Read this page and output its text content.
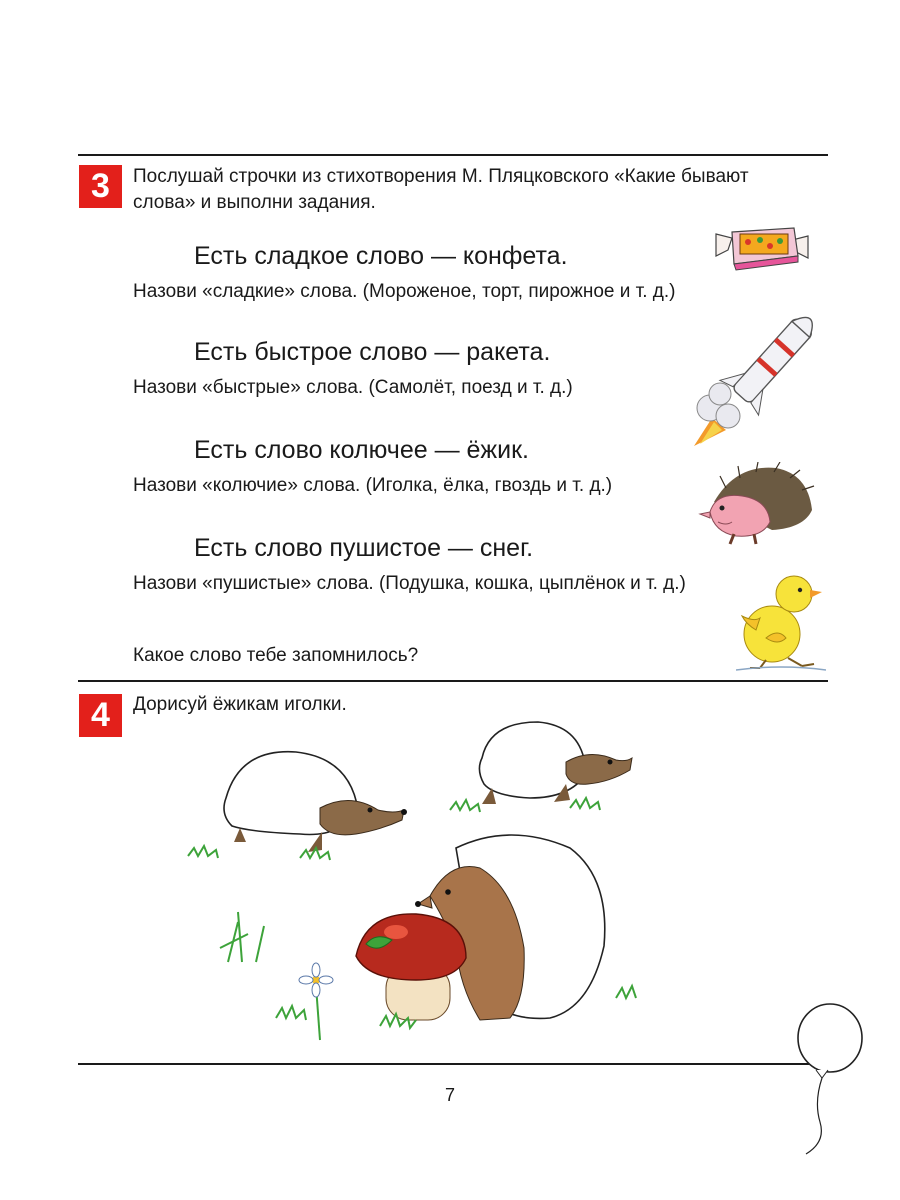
3	Послушай строчки из стихотворения М. Пляцковского «Какие бывают
слова» и выполни задания.
Есть сладкое слово — конфета.
Назови «сладкие» слова. (Мороженое, торт, пирожное и т. д.)
Есть быстрое слово — ракета.
Назови «быстрые» слова. (Самолёт, поезд и т. д.)
Есть слово колючее — ёжик.
Назови «колючие» слова. (Иголка, ёлка, гвоздь и т. д.)
Есть слово пушистое — снег.
Назови «пушистые» слова. (Подушка, кошка, цыплёнок и т. д.)
Какое слово тебе запомнилось?
4	Дорисуй ёжикам иголки.
7
